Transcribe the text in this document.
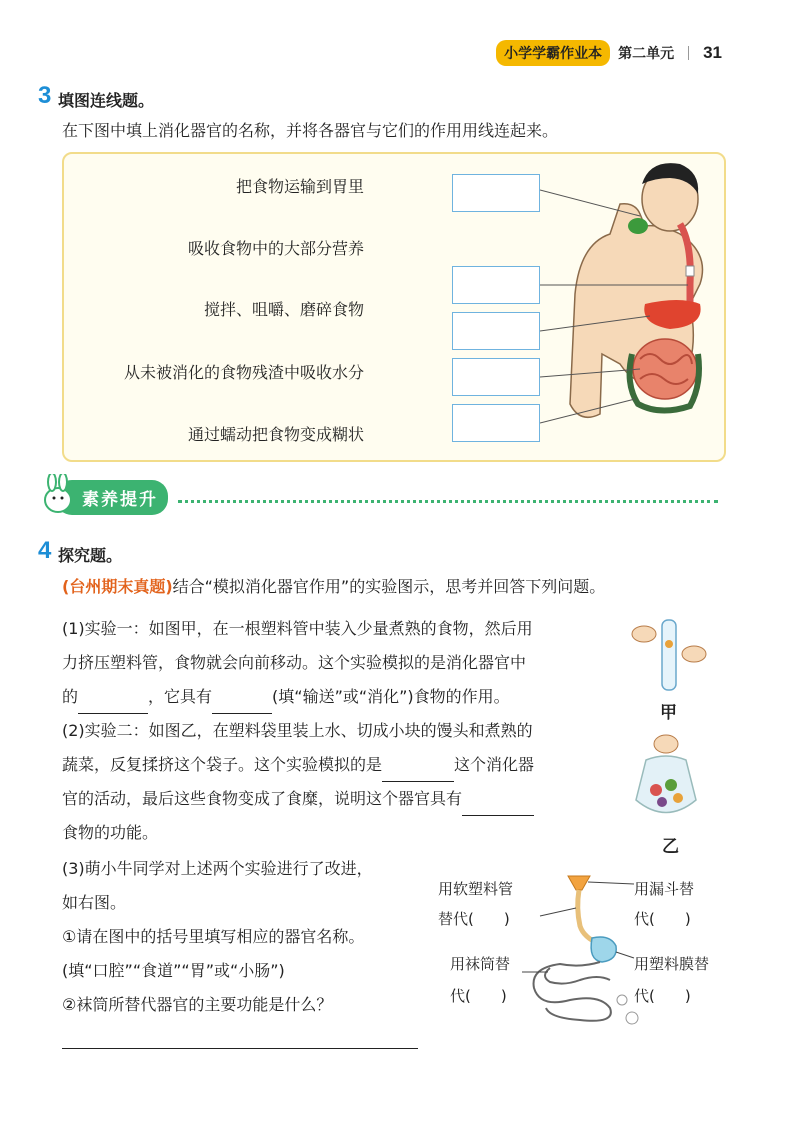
小学学霸作业本	第二单元 31
3 填图连线题。
在下图中填上消化器官的名称，并将各器官与它们的作用用线连起来。
把食物运输到胃里
吸收食物中的大部分营养
搅拌、咀嚼、磨碎食物
从未被消化的食物残渣中吸收水分
通过蠕动把食物变成糊状
素养提升
4 探究题。
(台州期末真题)结合“模拟消化器官作用”的实验图示，思考并回答下列问题。
(1)实验一：如图甲，在一根塑料管中装入少量煮熟的食物，然后用
力挤压塑料管，食物就会向前移动。这个实验模拟的是消化器官中
的	，它具有	(填“输送”或“消化”)食物的作用。
(2)实验二：如图乙，在塑料袋里装上水、切成小块的馒头和煮熟的
蔬菜，反复揉挤这个袋子。这个实验模拟的是	这个消化器
官的活动，最后这些食物变成了食糜，说明这个器官具有
食物的功能。
(3)萌小牛同学对上述两个实验进行了改进，
如右图。
①请在图中的括号里填写相应的器官名称。
(填“口腔”“食道”“胃”或“小肠”)
②袜筒所替代器官的主要功能是什么？
甲
乙
用软塑料管
替代(　　)
用漏斗替
代(　　)
用袜筒替
代(　　)
用塑料膜替
代(　　)
